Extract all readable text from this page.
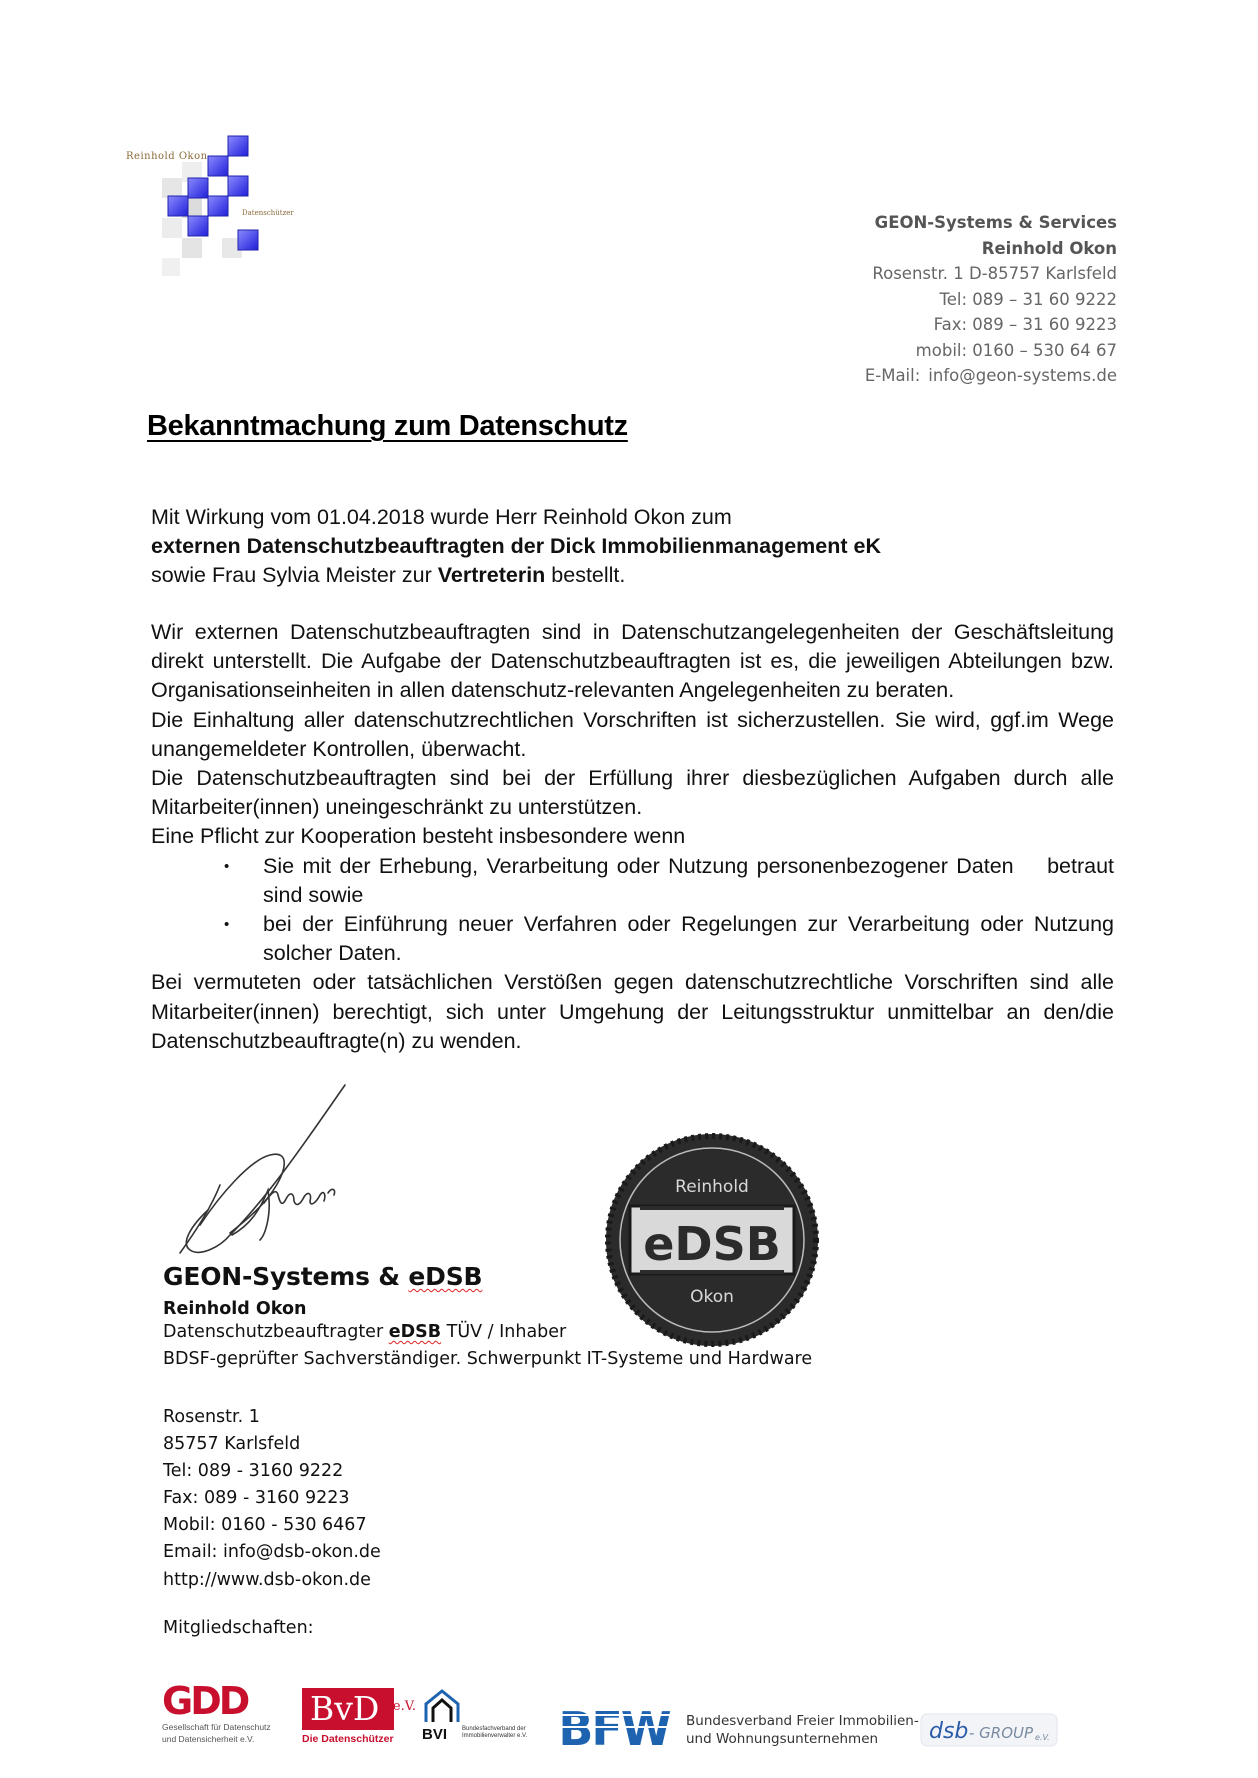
Reinhold Okon
Datenschützer	GEON-Systems & Services
Reinhold Okon
Rosenstr. 1 D-85757 Karlsfeld
Tel: 089 – 31 60 9222
Fax: 089 – 31 60 9223
mobil: 0160 – 530 64 67
E-Mail: info@geon-systems.de
Bekanntmachung zum Datenschutz
Mit Wirkung vom 01.04.2018 wurde Herr Reinhold Okon zum
externen Datenschutzbeauftragten der Dick Immobilienmanagement eK
sowie Frau Sylvia Meister zur Vertreterin bestellt.

Wir externen Datenschutzbeauftragten sind in Datenschutzangelegenheiten der Geschäftsleitung direkt unterstellt. Die Aufgabe der Datenschutzbeauftragten ist es, die jeweiligen Abteilungen bzw. Organisationseinheiten in allen datenschutz-relevanten Angelegenheiten zu beraten.

Die Einhaltung aller datenschutzrechtlichen Vorschriften ist sicherzustellen. Sie wird, ggf.im Wege unangemeldeter Kontrollen, überwacht.

Die Datenschutzbeauftragten sind bei der Erfüllung ihrer diesbezüglichen Aufgaben durch alle Mitarbeiter(innen) uneingeschränkt zu unterstützen.

Eine Pflicht zur Kooperation besteht insbesondere wenn

• Sie mit der Erhebung, Verarbeitung oder Nutzung personenbezogener Daten    betraut sind sowie
• bei der Einführung neuer Verfahren oder Regelungen zur Verarbeitung oder Nutzung solcher Daten.

Bei vermuteten oder tatsächlichen Verstößen gegen datenschutzrechtliche Vorschriften sind alle Mitarbeiter(innen) berechtigt, sich unter Umgehung der Leitungsstruktur unmittelbar an den/die Datenschutzbeauftragte(n) zu wenden.

Reinhold
eDSB
Okon
GEON-Systems & eDSB
Reinhold Okon
Datenschutzbeauftragter eDSB TÜV / Inhaber
BDSF-geprüfter Sachverständiger. Schwerpunkt IT-Systeme und Hardware
Rosenstr. 1
85757 Karlsfeld
Tel: 089 - 3160 9222
Fax: 089 - 3160 9223
Mobil: 0160 - 530 6467
Email: info@dsb-okon.de
http://www.dsb-okon.de
Mitgliedschaften:
GDD
Gesellschaft für Datenschutz
und Datensicherheit e.V.
BvD e.V.
Die Datenschützer	BVI Bundesfachverband der Immobilienverwalter e.V. BFW Bundesverband Freier Immobilien-
und Wohnungsunternehmen	dsb - GROUP e.V.
